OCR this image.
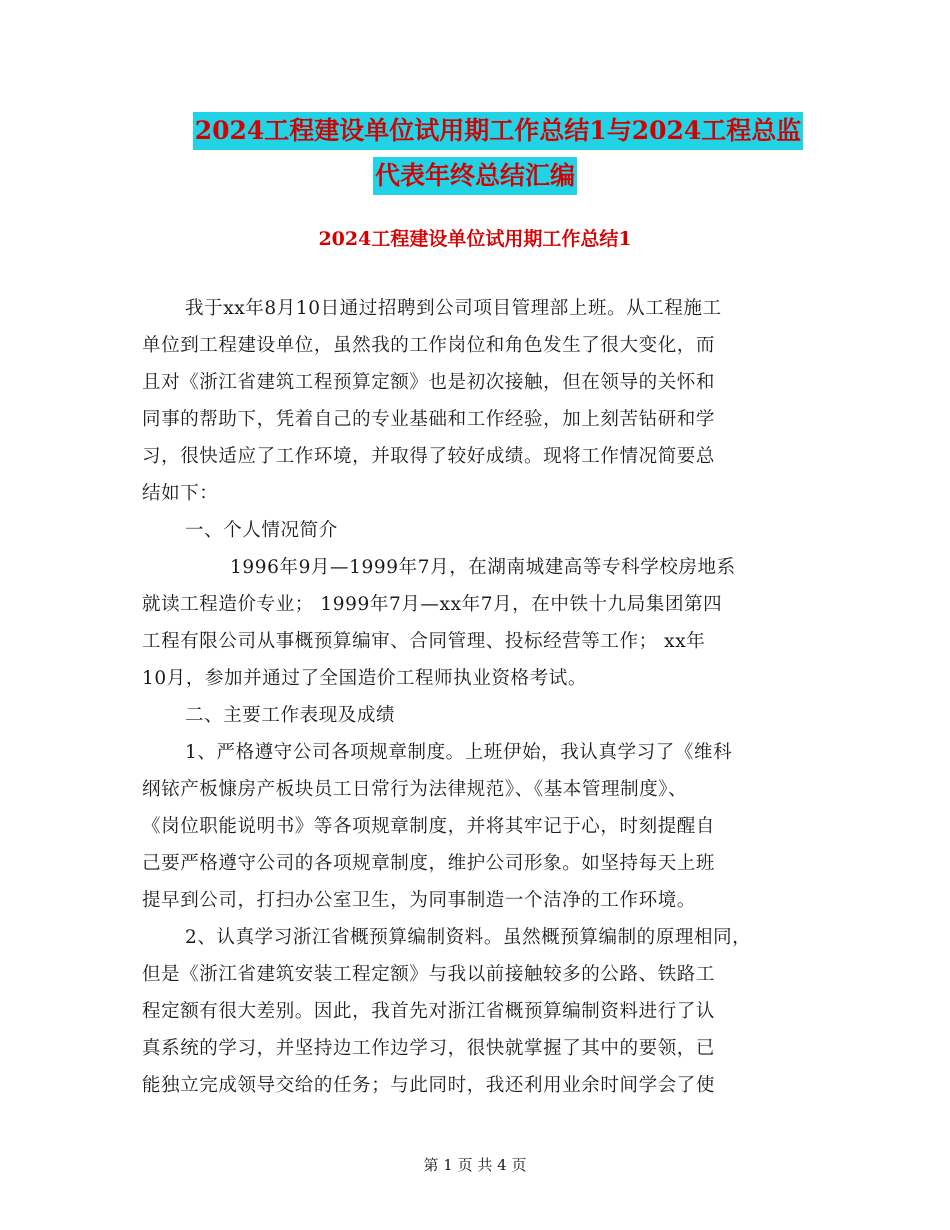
2024工程建设单位试用期工作总结1与2024工程总监
代表年终总结汇编
2024工程建设单位试用期工作总结1
我于xx年8月10日通过招聘到公司项目管理部上班。从工程施工
单位到工程建设单位，虽然我的工作岗位和角色发生了很大变化，而
且对《浙江省建筑工程预算定额》也是初次接触，但在领导的关怀和
同事的帮助下，凭着自己的专业基础和工作经验，加上刻苦钻研和学
习，很快适应了工作环境，并取得了较好成绩。现将工作情况简要总
结如下：
一、个人情况简介
1996年9月—1999年7月，在湖南城建高等专科学校房地系
就读工程造价专业； 1999年7月—xx年7月，在中铁十九局集团第四
工程有限公司从事概预算编审、合同管理、投标经营等工作； xx年
10月，参加并通过了全国造价工程师执业资格考试。
二、主要工作表现及成绩
1、严格遵守公司各项规章制度。上班伊始，我认真学习了《维科
纲铱产板慷房产板块员工日常行为法律规范》、《基本管理制度》、
《岗位职能说明书》等各项规章制度，并将其牢记于心，时刻提醒自
己要严格遵守公司的各项规章制度，维护公司形象。如坚持每天上班
提早到公司，打扫办公室卫生，为同事制造一个洁净的工作环境。
2、认真学习浙江省概预算编制资料。虽然概预算编制的原理相同，
但是《浙江省建筑安装工程定额》与我以前接触较多的公路、铁路工
程定额有很大差别。因此，我首先对浙江省概预算编制资料进行了认
真系统的学习，并坚持边工作边学习，很快就掌握了其中的要领，已
能独立完成领导交给的任务；与此同时，我还利用业余时间学会了使
第 1 页 共 4 页
